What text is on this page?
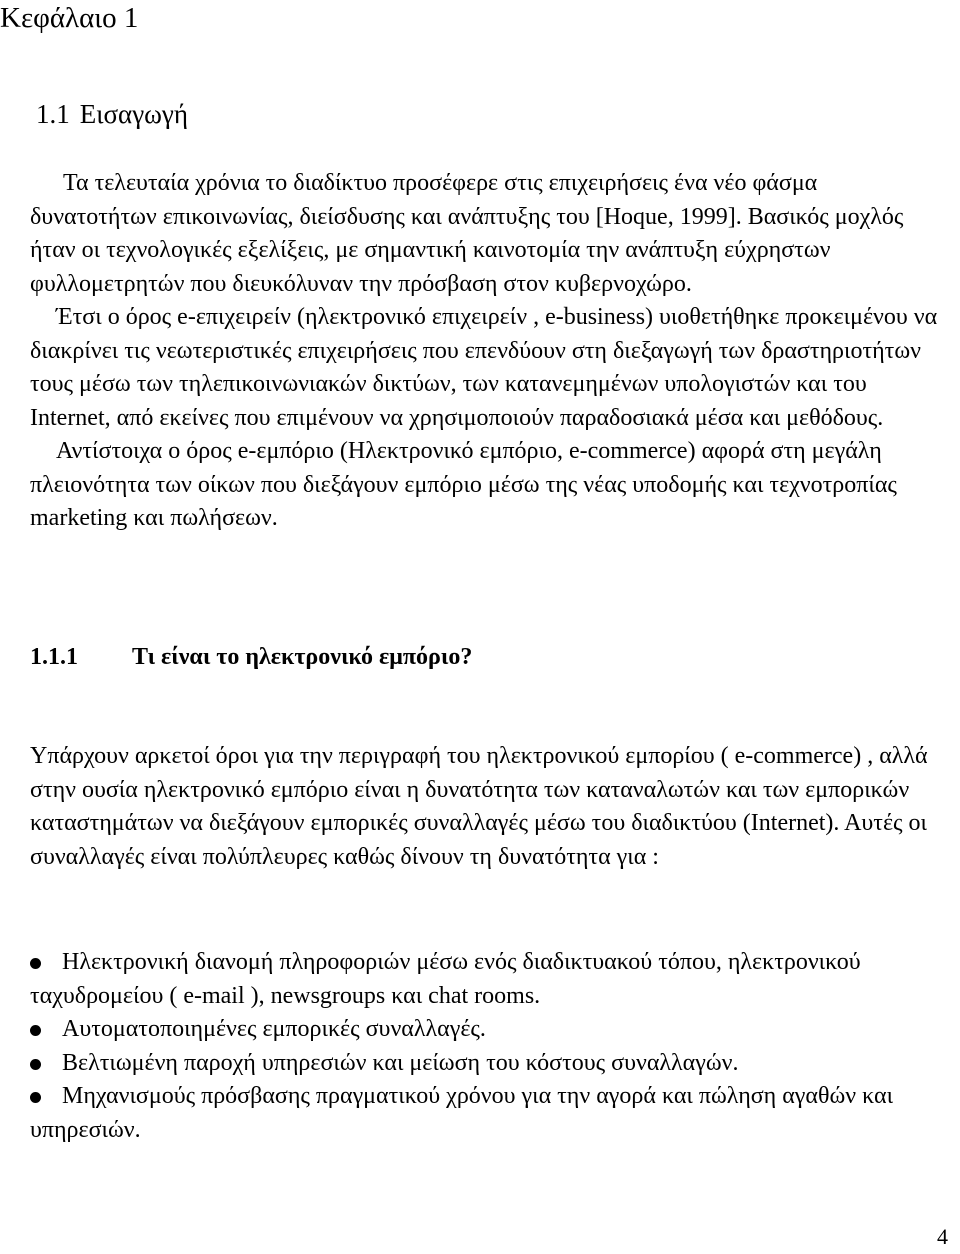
Κεφάλαιο 1
1.1 Εισαγωγή

Τα τελευταία χρόνια το διαδίκτυο προσέφερε στις επιχειρήσεις ένα νέο φάσμα δυνατοτήτων επικοινωνίας, διείσδυσης και ανάπτυξης του [Hoque, 1999]. Βασικός μοχλός ήταν οι τεχνολογικές εξελίξεις, με σημαντική καινοτομία την ανάπτυξη εύχρηστων φυλλομετρητών που διευκόλυναν την πρόσβαση στον κυβερνοχώρο.

Έτσι ο όρος e-επιχειρείν (ηλεκτρονικό επιχειρείν , e-business) υιοθετήθηκε προκειμένου να διακρίνει τις νεωτεριστικές επιχειρήσεις που επενδύουν στη διεξαγωγή των δραστηριοτήτων τους μέσω των τηλεπικοινωνιακών δικτύων, των κατανεμημένων υπολογιστών και του Internet, από εκείνες που επιμένουν να χρησιμοποιούν παραδοσιακά μέσα και μεθόδους.

Αντίστοιχα ο όρος e-εμπόριο (Ηλεκτρονικό εμπόριο, e-commerce) αφορά στη μεγάλη πλειονότητα των οίκων που διεξάγουν εμπόριο μέσω της νέας υποδομής και τεχνοτροπίας marketing και πωλήσεων.

1.1.1 Τι είναι το ηλεκτρονικό εμπόριο?

Υπάρχουν αρκετοί όροι για την περιγραφή του ηλεκτρονικού εμπορίου ( e-commerce) , αλλά στην ουσία ηλεκτρονικό εμπόριο είναι η δυνατότητα των καταναλωτών και των εμπορικών καταστημάτων να διεξάγουν εμπορικές συναλλαγές μέσω του διαδικτύου (Internet). Αυτές οι συναλλαγές είναι πολύπλευρες καθώς δίνουν τη δυνατότητα για :

Ηλεκτρονική διανομή πληροφοριών μέσω ενός διαδικτυακού τόπου, ηλεκτρονικού ταχυδρομείου ( e-mail ), newsgroups και chat rooms.
Αυτοματοποιημένες εμπορικές συναλλαγές.
Βελτιωμένη παροχή υπηρεσιών και μείωση του κόστους συναλλαγών.
Μηχανισμούς πρόσβασης πραγματικού χρόνου για την αγορά και πώληση αγαθών και υπηρεσιών.
4
